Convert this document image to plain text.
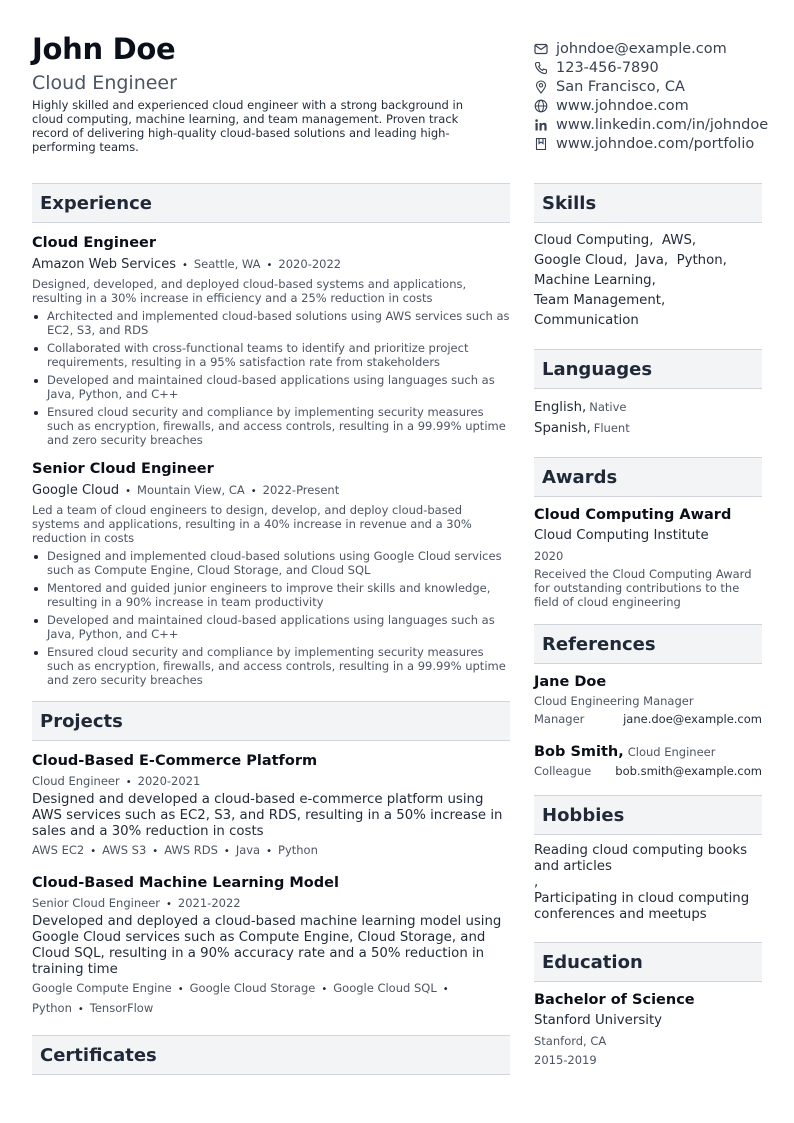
John Doe
Cloud Engineer
Highly skilled and experienced cloud engineer with a strong background in cloud computing, machine learning, and team management. Proven track record of delivering high-quality cloud-based solutions and leading high-performing teams.
johndoe@example.com
123-456-7890
San Francisco, CA
www.johndoe.com
www.linkedin.com/in/johndoe
www.johndoe.com/portfolio
Experience
Cloud Engineer
Amazon Web Services • Seattle, WA • 2020-2022
Designed, developed, and deployed cloud-based systems and applications, resulting in a 30% increase in efficiency and a 25% reduction in costs
Architected and implemented cloud-based solutions using AWS services such as EC2, S3, and RDS
Collaborated with cross-functional teams to identify and prioritize project requirements, resulting in a 95% satisfaction rate from stakeholders
Developed and maintained cloud-based applications using languages such as Java, Python, and C++
Ensured cloud security and compliance by implementing security measures such as encryption, firewalls, and access controls, resulting in a 99.99% uptime and zero security breaches
Senior Cloud Engineer
Google Cloud • Mountain View, CA • 2022-Present
Led a team of cloud engineers to design, develop, and deploy cloud-based systems and applications, resulting in a 40% increase in revenue and a 30% reduction in costs
Designed and implemented cloud-based solutions using Google Cloud services such as Compute Engine, Cloud Storage, and Cloud SQL
Mentored and guided junior engineers to improve their skills and knowledge, resulting in a 90% increase in team productivity
Developed and maintained cloud-based applications using languages such as Java, Python, and C++
Ensured cloud security and compliance by implementing security measures such as encryption, firewalls, and access controls, resulting in a 99.99% uptime and zero security breaches
Projects
Cloud-Based E-Commerce Platform
Cloud Engineer • 2020-2021
Designed and developed a cloud-based e-commerce platform using AWS services such as EC2, S3, and RDS, resulting in a 50% increase in sales and a 30% reduction in costs
AWS EC2 • AWS S3 • AWS RDS • Java • Python
Cloud-Based Machine Learning Model
Senior Cloud Engineer • 2021-2022
Developed and deployed a cloud-based machine learning model using Google Cloud services such as Compute Engine, Cloud Storage, and Cloud SQL, resulting in a 90% accuracy rate and a 50% reduction in training time
Google Compute Engine • Google Cloud Storage • Google Cloud SQL •
Python • TensorFlow
Certificates
Skills
Cloud Computing,  AWS,
Google Cloud,  Java,  Python,
Machine Learning,
Team Management,
Communication
Languages
English, Native
Spanish, Fluent
Awards
Cloud Computing Award
Cloud Computing Institute
2020
Received the Cloud Computing Award for outstanding contributions to the field of cloud engineering
References
Jane Doe
Cloud Engineering Manager
Manager	jane.doe@example.com
Bob Smith, Cloud Engineer
Colleague bob.smith@example.com
Hobbies
Reading cloud computing books and articles
,
Participating in cloud computing conferences and meetups
Education
Bachelor of Science
Stanford University
Stanford, CA
2015-2019
